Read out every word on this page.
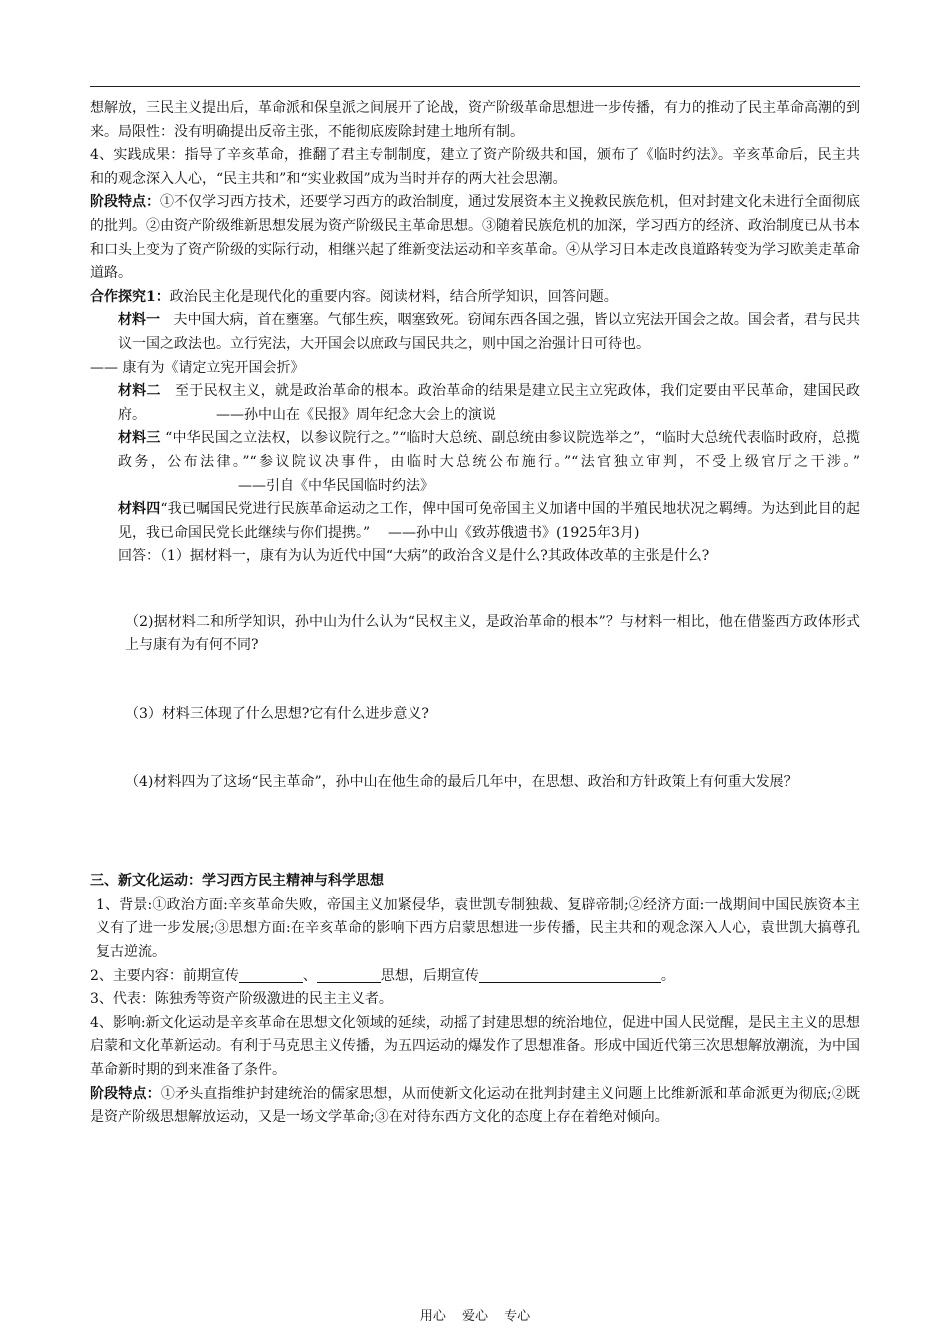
想解放，三民主义提出后，革命派和保皇派之间展开了论战，资产阶级革命思想进一步传播，有力的推动了民主革命高潮的到来。局限性：没有明确提出反帝主张，不能彻底废除封建土地所有制。

4、实践成果：指导了辛亥革命，推翻了君主专制制度，建立了资产阶级共和国，颁布了《临时约法》。辛亥革命后，民主共和的观念深入人心，“民主共和”和“实业救国”成为当时并存的两大社会思潮。

阶段特点：①不仅学习西方技术，还要学习西方的政治制度，通过发展资本主义挽救民族危机，但对封建文化未进行全面彻底的批判。②由资产阶级维新思想发展为资产阶级民主革命思想。③随着民族危机的加深，学习西方的经济、政治制度已从书本和口头上变为了资产阶级的实际行动，相继兴起了维新变法运动和辛亥革命。④从学习日本走改良道路转变为学习欧美走革命道路。

合作探究1：政治民主化是现代化的重要内容。阅读材料，结合所学知识，回答问题。

材料一 夫中国大病，首在壅塞。气郁生疾，咽塞致死。窃闻东西各国之强，皆以立宪法开国会之故。国会者，君与民共议一国之政法也。立行宪法，大开国会以庶政与国民共之，则中国之治强计日可待也。

—— 康有为《请定立宪开国会折》

材料二 至于民权主义，就是政治革命的根本。政治革命的结果是建立民主立宪政体，我们定要由平民革命，建国民政府。	——孙中山在《民报》周年纪念大会上的演说

材料三 “中华民国之立法权，以参议院行之。”“临时大总统、副总统由参议院选举之”，“临时大总统代表临时政府，总揽政务，公布法律。”“参议院议决事件，由临时大总统公布施行。”“法官独立审判，不受上级官厅之干涉。”——引自《中华民国临时约法》

材料四“我已嘱国民党进行民族革命运动之工作，俾中国可免帝国主义加诸中国的半殖民地状况之羁缚。为达到此目的起见，我已命国民党长此继续与你们提携。” ——孙中山《致苏俄遗书》(1925年3月)

回答：（1）据材料一，康有为认为近代中国“大病”的政治含义是什么?其政体改革的主张是什么?

（2)据材料二和所学知识，孙中山为什么认为“民权主义，是政治革命的根本”？与材料一相比，他在借鉴西方政体形式上与康有为有何不同?

（3）材料三体现了什么思想?它有什么进步意义?

（4)材料四为了这场“民主革命”，孙中山在他生命的最后几年中，在思想、政治和方针政策上有何重大发展？

三、新文化运动：学习西方民主精神与科学思想

1、背景:①政治方面:辛亥革命失败，帝国主义加紧侵华，袁世凯专制独裁、复辟帝制;②经济方面:一战期间中国民族资本主义有了进一步发展;③思想方面:在辛亥革命的影响下西方启蒙思想进一步传播，民主共和的观念深入人心，袁世凯大搞尊孔复古逆流。

2、主要内容：前期宣传	、	思想，后期宣传	。

3、代表：陈独秀等资产阶级激进的民主主义者。

4、影响:新文化运动是辛亥革命在思想文化领域的延续，动摇了封建思想的统治地位，促进中国人民觉醒，是民主主义的思想启蒙和文化革新运动。有利于马克思主义传播，为五四运动的爆发作了思想准备。形成中国近代第三次思想解放潮流，为中国革命新时期的到来准备了条件。

阶段特点：①矛头直指维护封建统治的儒家思想，从而使新文化运动在批判封建主义问题上比维新派和革命派更为彻底;②既是资产阶级思想解放运动，又是一场文学革命;③在对待东西方文化的态度上存在着绝对倾向。

用心 爱心 专心
